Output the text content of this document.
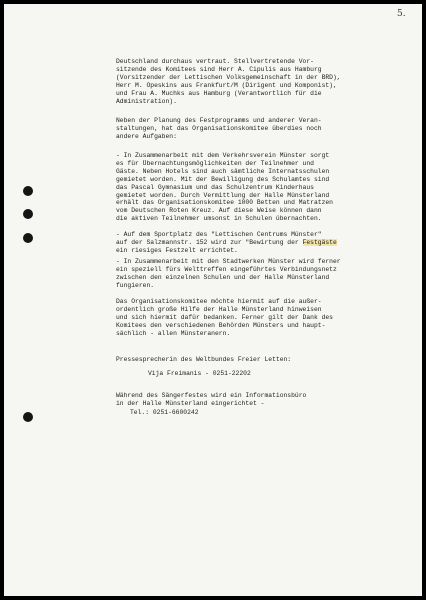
5.
Deutschland durchaus vertraut. Stellvertretende Vor-
sitzende des Komitees sind Herr A. Cipulis aus Hamburg
(Vorsitzender der Lettischen Volksgemeinschaft in der BRD),
Herr M. Opeskins aus Frankfurt/M (Dirigent und Komponist),
und Frau A. Muchks aus Hamburg (Verantwortlich für die
Administration).
Neben der Planung des Festprogramms und anderer Veran-
staltungen, hat das Organisationskomitee überdies noch
andere Aufgaben:
- In Zusammenarbeit mit dem Verkehrsverein Münster sorgt
es für Übernachtungsmöglichkeiten der Teilnehmer und
Gäste. Neben Hotels sind auch sämtliche Internatsschulen
gemietet worden. Mit der Bewilligung des Schulamtes sind
das Pascal Gymnasium und das Schulzentrum Kinderhaus
gemietet worden. Durch Vermittlung der Halle Münsterland
erhält das Organisationskomitee 1000 Betten und Matratzen
vom Deutschen Roten Kreuz. Auf diese Weise können dann
die aktiven Teilnehmer umsonst in Schulen übernachten.
- Auf dem Sportplatz des "Lettischen Centrums Münster"
auf der Salzmannstr. 152 wird zur "Bewirtung der Festgäste
ein riesiges Festzelt errichtet.
- In Zusammenarbeit mit den Stadtwerken Münster wird ferner
ein speziell fürs Welttreffen eingeführtes Verbindungsnetz
zwischen den einzelnen Schulen und der Halle Münsterland
fungieren.
Das Organisationskomitee möchte hiermit auf die außer-
ordentlich große Hilfe der Halle Münsterland hinweisen
und sich hiermit dafür bedanken. Ferner gilt der Dank des
Komitees den verschiedenen Behörden Münsters und haupt-
sächlich - allen Münsteranern.
Pressesprecherin des Weltbundes Freier Letten:
Vija Freimanis - 0251-22202
Während des Sängerfestes wird ein Informationsbüro
in der Halle Münsterland eingerichtet -
Tel.: 0251-6600242
